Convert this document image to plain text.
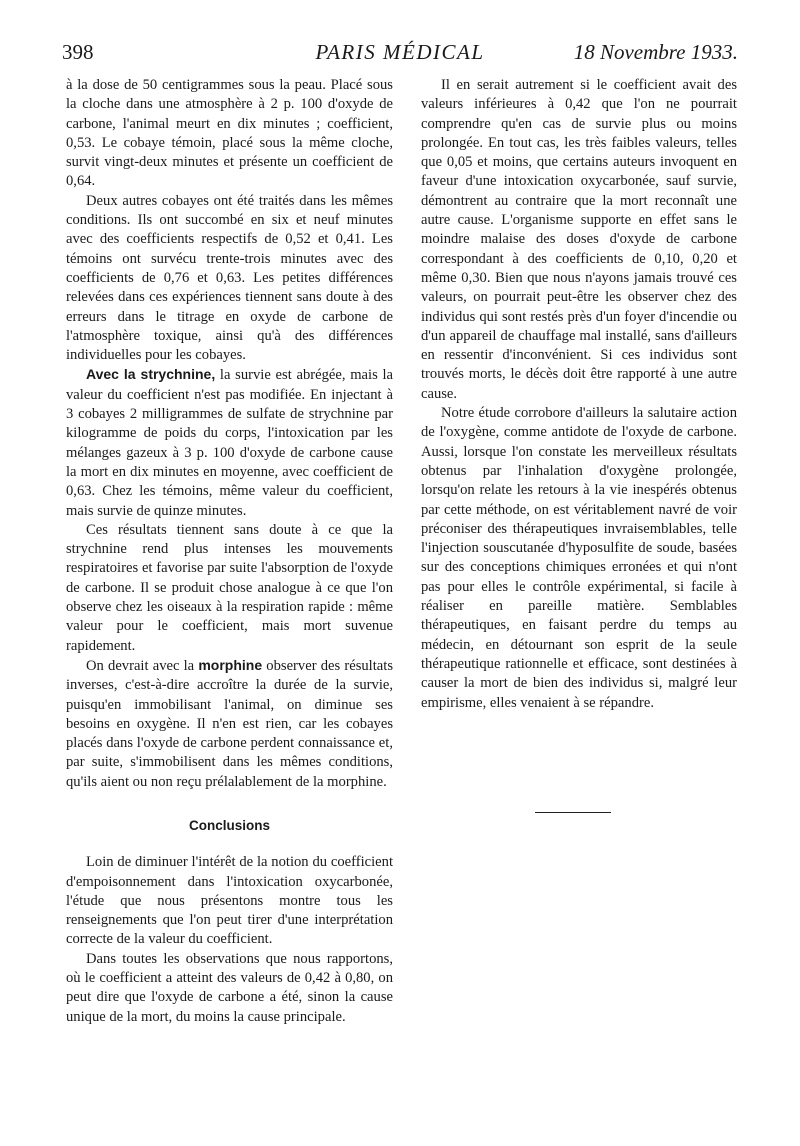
398	PARIS MÉDICAL	18 Novembre 1933.

à la dose de 50 centigrammes sous la peau. Placé sous la cloche dans une atmosphère à 2 p. 100 d'oxyde de carbone, l'animal meurt en dix minutes ; coefficient, 0,53. Le cobaye témoin, placé sous la même cloche, survit vingt-deux minutes et présente un coefficient de 0,64.

Deux autres cobayes ont été traités dans les mêmes conditions. Ils ont succombé en six et neuf minutes avec des coefficients respectifs de 0,52 et 0,41. Les témoins ont survécu trente-trois minutes avec des coefficients de 0,76 et 0,63. Les petites différences relevées dans ces expériences tiennent sans doute à des erreurs dans le titrage en oxyde de carbone de l'atmosphère toxique, ainsi qu'à des différences individuelles pour les cobayes.

Avec la strychnine, la survie est abrégée, mais la valeur du coefficient n'est pas modifiée. En injectant à 3 cobayes 2 milligrammes de sulfate de strychnine par kilogramme de poids du corps, l'intoxication par les mélanges gazeux à 3 p. 100 d'oxyde de carbone cause la mort en dix minutes en moyenne, avec coefficient de 0,63. Chez les témoins, même valeur du coefficient, mais survie de quinze minutes.

Ces résultats tiennent sans doute à ce que la strychnine rend plus intenses les mouvements respiratoires et favorise par suite l'absorption de l'oxyde de carbone. Il se produit chose analogue à ce que l'on observe chez les oiseaux à la respiration rapide : même valeur pour le coefficient, mais mort suvenue rapidement.

On devrait avec la morphine observer des résultats inverses, c'est-à-dire accroître la durée de la survie, puisqu'en immobilisant l'animal, on diminue ses besoins en oxygène. Il n'en est rien, car les cobayes placés dans l'oxyde de carbone perdent connaissance et, par suite, s'immobilisent dans les mêmes conditions, qu'ils aient ou non reçu prélalablement de la morphine.

Conclusions

Loin de diminuer l'intérêt de la notion du coefficient d'empoisonnement dans l'intoxication oxycarbonée, l'étude que nous présentons montre tous les renseignements que l'on peut tirer d'une interprétation correcte de la valeur du coefficient.

Dans toutes les observations que nous rapportons, où le coefficient a atteint des valeurs de 0,42 à 0,80, on peut dire que l'oxyde de carbone a été, sinon la cause unique de la mort, du moins la cause principale.

Il en serait autrement si le coefficient avait des valeurs inférieures à 0,42 que l'on ne pourrait comprendre qu'en cas de survie plus ou moins prolongée. En tout cas, les très faibles valeurs, telles que 0,05 et moins, que certains auteurs invoquent en faveur d'une intoxication oxycarbonée, sauf survie, démontrent au contraire que la mort reconnaît une autre cause. L'organisme supporte en effet sans le moindre malaise des doses d'oxyde de carbone correspondant à des coefficients de 0,10, 0,20 et même 0,30. Bien que nous n'ayons jamais trouvé ces valeurs, on pourrait peut-être les observer chez des individus qui sont restés près d'un foyer d'incendie ou d'un appareil de chauffage mal installé, sans d'ailleurs en ressentir d'inconvénient. Si ces individus sont trouvés morts, le décès doit être rapporté à une autre cause.

Notre étude corrobore d'ailleurs la salutaire action de l'oxygène, comme antidote de l'oxyde de carbone. Aussi, lorsque l'on constate les merveilleux résultats obtenus par l'inhalation d'oxygène prolongée, lorsqu'on relate les retours à la vie inespérés obtenus par cette méthode, on est véritablement navré de voir préconiser des thérapeutiques invraisemblables, telle l'injection souscutanée d'hyposulfite de soude, basées sur des conceptions chimiques erronées et qui n'ont pas pour elles le contrôle expérimental, si facile à réaliser en pareille matière. Semblables thérapeutiques, en faisant perdre du temps au médecin, en détournant son esprit de la seule thérapeutique rationnelle et efficace, sont destinées à causer la mort de bien des individus si, malgré leur empirisme, elles venaient à se répandre.
